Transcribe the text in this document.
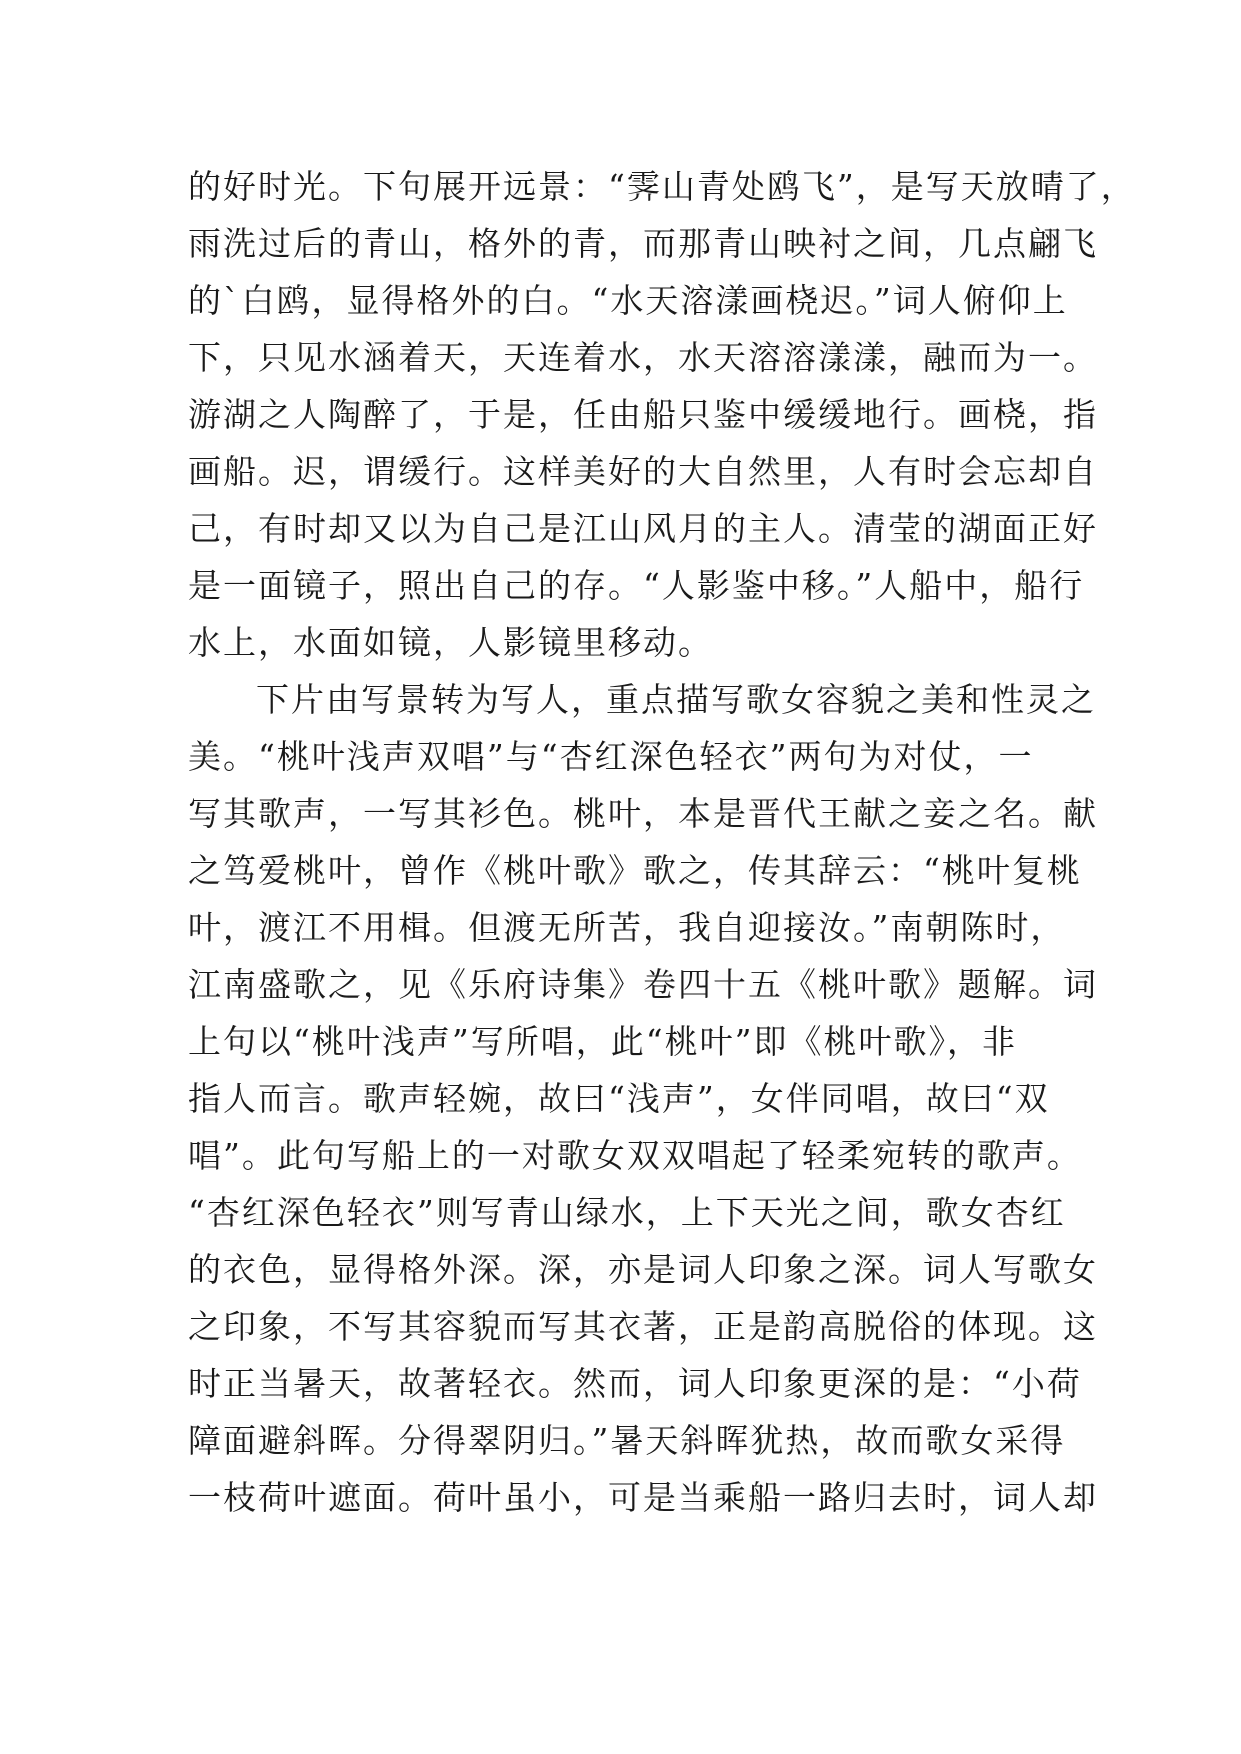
的好时光。下句展开远景：“霁山青处鸥飞”，是写天放晴了，
雨洗过后的青山，格外的青，而那青山映衬之间，几点翩飞
的`白鸥，显得格外的白。“水天溶漾画桡迟。”词人俯仰上
下，只见水涵着天，天连着水，水天溶溶漾漾，融而为一。
游湖之人陶醉了，于是，任由船只鉴中缓缓地行。画桡，指
画船。迟，谓缓行。这样美好的大自然里，人有时会忘却自
己，有时却又以为自己是江山风月的主人。清莹的湖面正好
是一面镜子，照出自己的存。“人影鉴中移。”人船中，船行
水上，水面如镜，人影镜里移动。
下片由写景转为写人，重点描写歌女容貌之美和性灵之
美。“桃叶浅声双唱”与“杏红深色轻衣”两句为对仗，一
写其歌声，一写其衫色。桃叶，本是晋代王献之妾之名。献
之笃爱桃叶，曾作《桃叶歌》歌之，传其辞云：“桃叶复桃
叶，渡江不用楫。但渡无所苦，我自迎接汝。”南朝陈时，
江南盛歌之，见《乐府诗集》卷四十五《桃叶歌》题解。词
上句以“桃叶浅声”写所唱，此“桃叶”即《桃叶歌》，非
指人而言。歌声轻婉，故曰“浅声”，女伴同唱，故曰“双
唱”。此句写船上的一对歌女双双唱起了轻柔宛转的歌声。
“杏红深色轻衣”则写青山绿水，上下天光之间，歌女杏红
的衣色，显得格外深。深，亦是词人印象之深。词人写歌女
之印象，不写其容貌而写其衣著，正是韵高脱俗的体现。这
时正当暑天，故著轻衣。然而，词人印象更深的是：“小荷
障面避斜晖。分得翠阴归。”暑天斜晖犹热，故而歌女采得
一枝荷叶遮面。荷叶虽小，可是当乘船一路归去时，词人却
